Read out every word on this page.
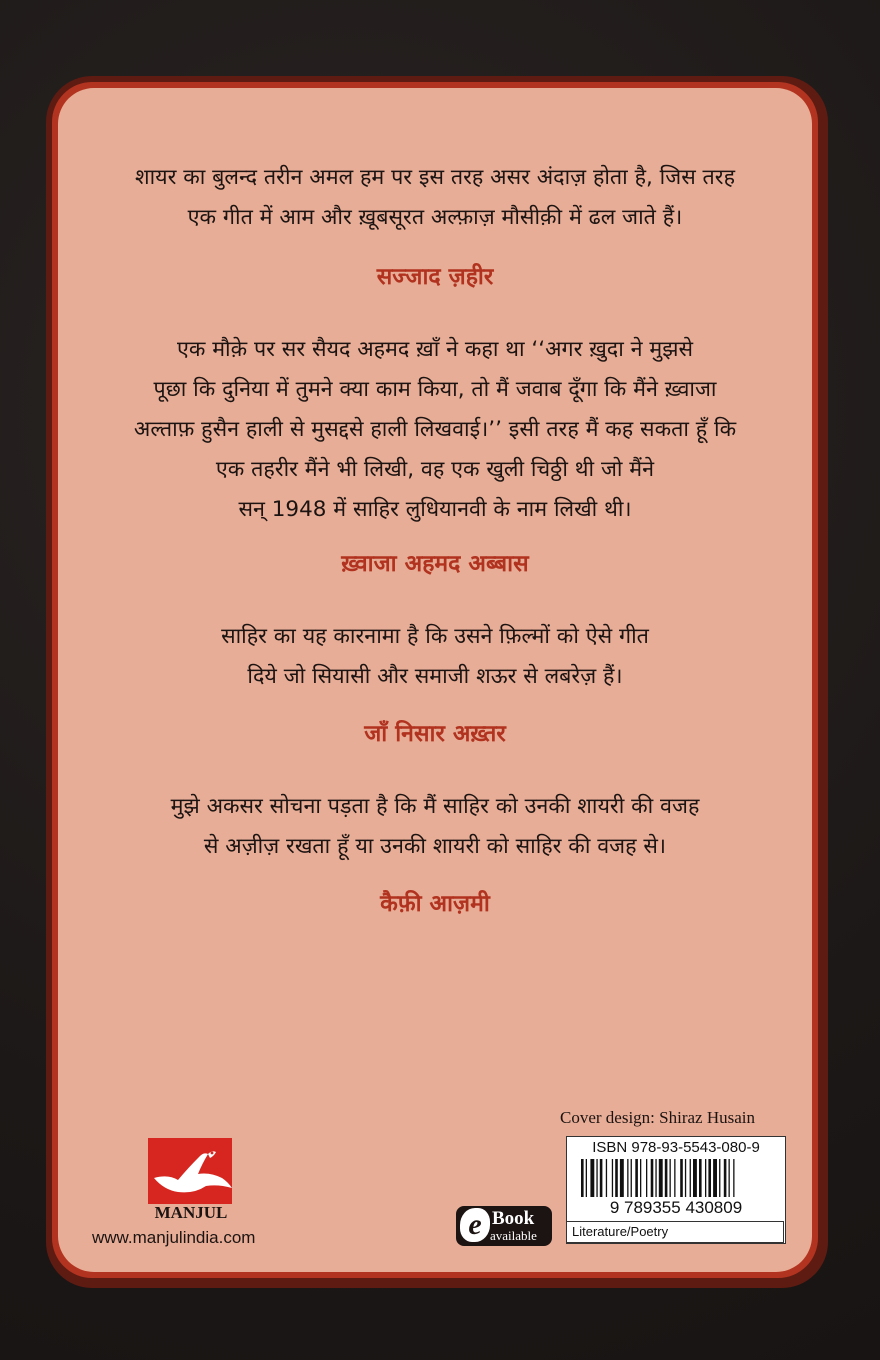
शायर का बुलन्द तरीन अमल हम पर इस तरह असर अंदाज़ होता है, जिस तरह
एक गीत में आम और ख़ूबसूरत अल्फ़ाज़ मौसीक़ी में ढल जाते हैं।
सज्जाद ज़हीर
एक मौक़े पर सर सैयद अहमद ख़ाँ ने कहा था ‘‘अगर ख़ुदा ने मुझसे
पूछा कि दुनिया में तुमने क्या काम किया, तो मैं जवाब दूँगा कि मैंने ख़्वाजा
अल्ताफ़ हुसैन हाली से मुसद्दसे हाली लिखवाई।’’ इसी तरह मैं कह सकता हूँ कि
एक तहरीर मैंने भी लिखी, वह एक खुली चिठ्ठी थी जो मैंने
सन् 1948 में साहिर लुधियानवी के नाम लिखी थी।
ख़्वाजा अहमद अब्बास
साहिर का यह कारनामा है कि उसने फ़िल्मों को ऐसे गीत
दिये जो सियासी और समाजी शऊर से लबरेज़ हैं।
जाँ निसार अख़्तर
मुझे अकसर सोचना पड़ता है कि मैं साहिर को उनकी शायरी की वजह
से अज़ीज़ रखता हूँ या उनकी शायरी को साहिर की वजह से।
कैफ़ी आज़मी
MANJUL
www.manjulindia.com	e Book
available
Cover design: Shiraz Husain
ISBN 978-93-5543-080-9
9 789355 430809
Literature/Poetry
